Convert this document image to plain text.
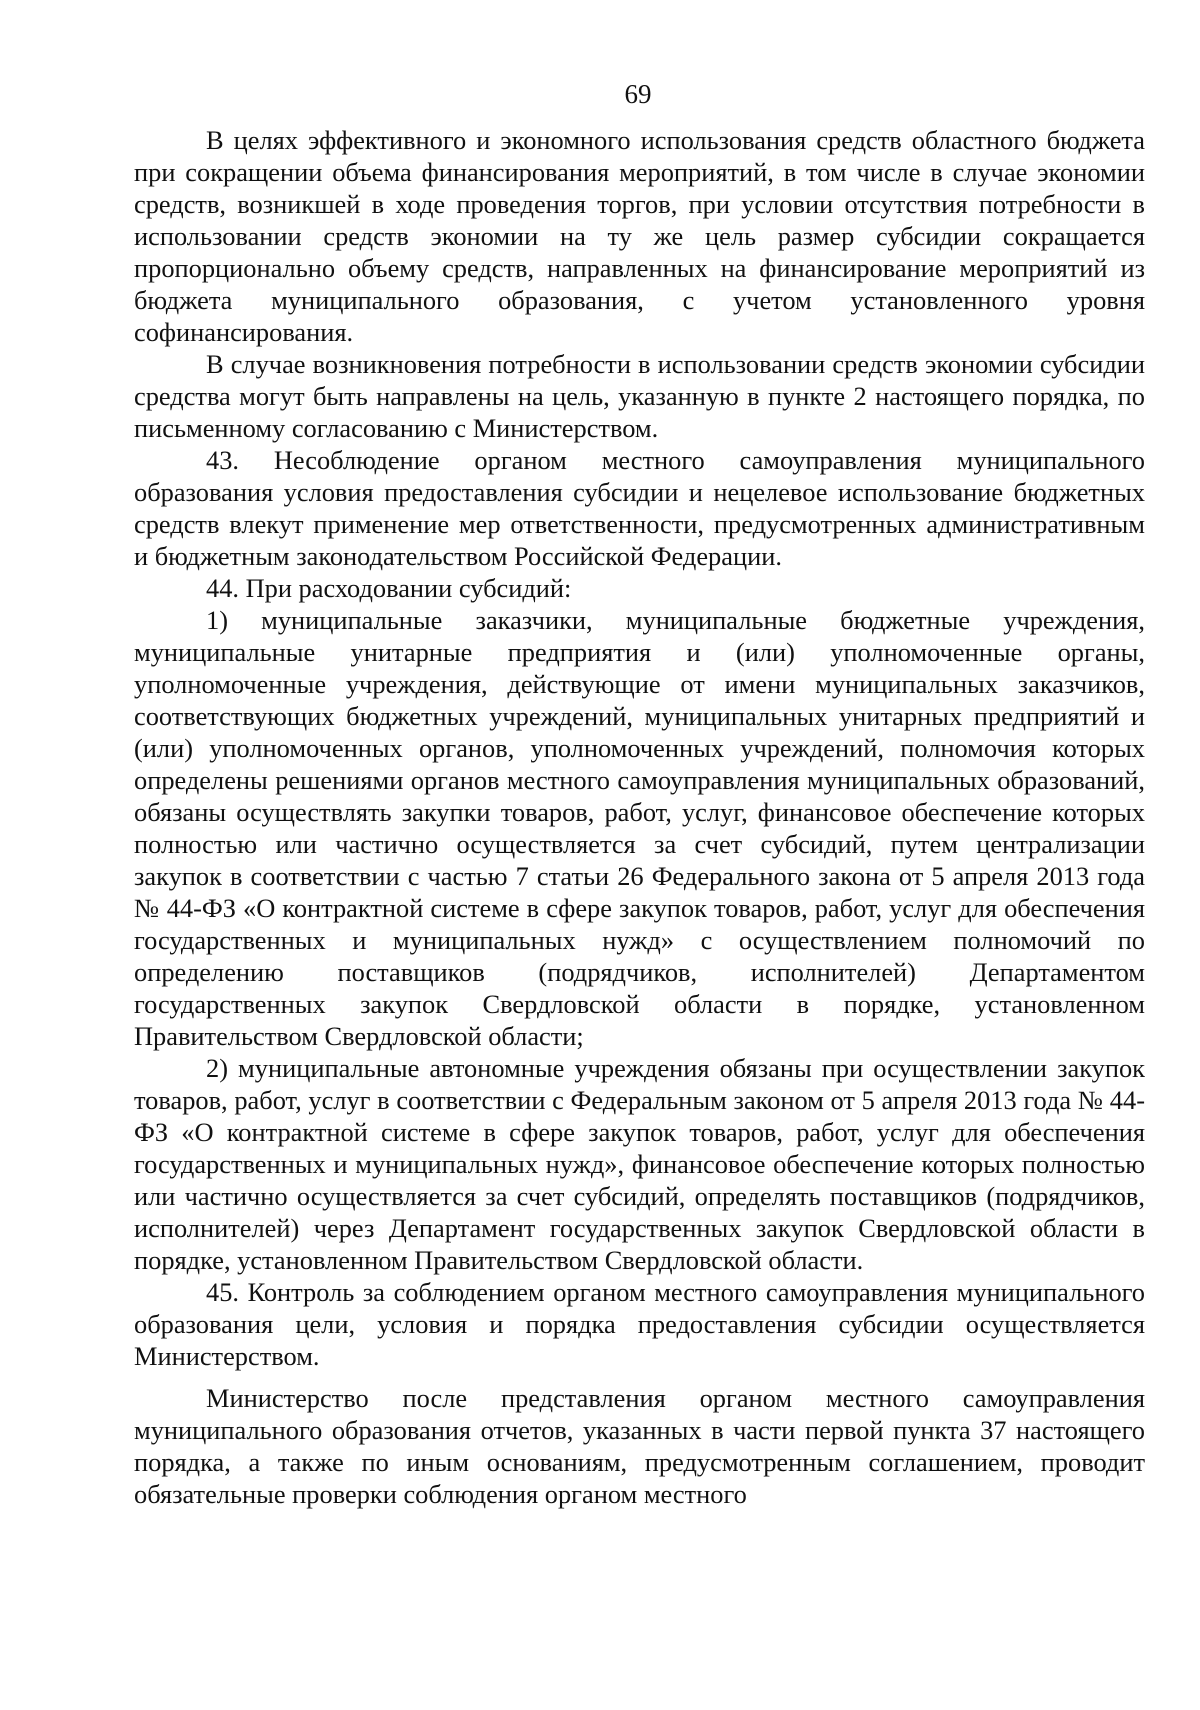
69

В целях эффективного и экономного использования средств областного бюджета при сокращении объема финансирования мероприятий, в том числе в случае экономии средств, возникшей в ходе проведения торгов, при условии отсутствия потребности в использовании средств экономии на ту же цель размер субсидии сокращается пропорционально объему средств, направленных на финансирование мероприятий из бюджета муниципального образования, с учетом установленного уровня софинансирования.

В случае возникновения потребности в использовании средств экономии субсидии средства могут быть направлены на цель, указанную в пункте 2 настоящего порядка, по письменному согласованию с Министерством.

43. Несоблюдение органом местного самоуправления муниципального образования условия предоставления субсидии и нецелевое использование бюджетных средств влекут применение мер ответственности, предусмотренных административным и бюджетным законодательством Российской Федерации.

44. При расходовании субсидий:

1) муниципальные заказчики, муниципальные бюджетные учреждения, муниципальные унитарные предприятия и (или) уполномоченные органы, уполномоченные учреждения, действующие от имени муниципальных заказчиков, соответствующих бюджетных учреждений, муниципальных унитарных предприятий и (или) уполномоченных органов, уполномоченных учреждений, полномочия которых определены решениями органов местного самоуправления муниципальных образований, обязаны осуществлять закупки товаров, работ, услуг, финансовое обеспечение которых полностью или частично осуществляется за счет субсидий, путем централизации закупок в соответствии с частью 7 статьи 26 Федерального закона от 5 апреля 2013 года № 44-ФЗ «О контрактной системе в сфере закупок товаров, работ, услуг для обеспечения государственных и муниципальных нужд» с осуществлением полномочий по определению поставщиков (подрядчиков, исполнителей) Департаментом государственных закупок Свердловской области в порядке, установленном Правительством Свердловской области;

2) муниципальные автономные учреждения обязаны при осуществлении закупок товаров, работ, услуг в соответствии с Федеральным законом от 5 апреля 2013 года № 44-ФЗ «О контрактной системе в сфере закупок товаров, работ, услуг для обеспечения государственных и муниципальных нужд», финансовое обеспечение которых полностью или частично осуществляется за счет субсидий, определять поставщиков (подрядчиков, исполнителей) через Департамент государственных закупок Свердловской области в порядке, установленном Правительством Свердловской области.

45. Контроль за соблюдением органом местного самоуправления муниципального образования цели, условия и порядка предоставления субсидии осуществляется Министерством.

Министерство после представления органом местного самоуправления муниципального образования отчетов, указанных в части первой пункта 37 настоящего порядка, а также по иным основаниям, предусмотренным соглашением, проводит обязательные проверки соблюдения органом местного
